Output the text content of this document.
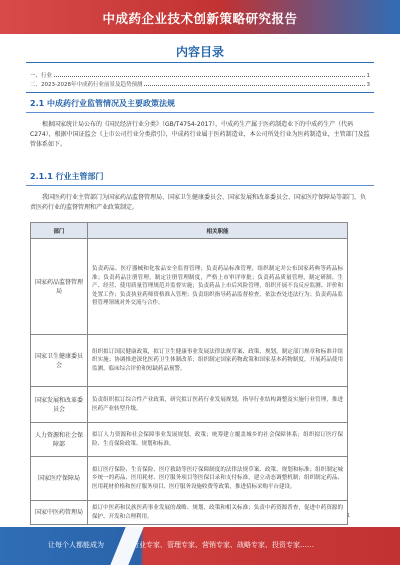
中成药企业技术创新策略研究报告
内容目录
一、行业	1
二、2023-2028年中成药行业前景及趋势预测	3
2.1 中成药行业监管情况及主要政策法规
根据国家统计局公布的《国民经济行业分类》（GB/T4754-2017），中成药生产属于医药制造业下的中成药生产（代码C274），根据中国证监会《上市公司行业分类指引》，中成药行业属于医药制造业，本公司所处行业为医药制造业，主管部门及监管体系如下。
2.1.1 行业主管部门
我国医药行业主管部门为国家药品监督管理局、国家卫生健康委员会、国家发展和改革委员会、国家医疗保障局等部门，负责医药行业的监督管理和产业政策制定。
部门	相关职能
国家药品监督管理局	负责药品、医疗器械和化妆品安全监督管理；负责药品标准管理，组织制定并公布国家药典等药品标准；负责药品注册管理，制定注册管理制度，严格上市审评审批；负责药品质量管理，制定研制、生产、经营、使用质量管理规范并监督实施；负责药品上市后风险管理，组织开展不良反应监测、评价和处置工作；负责执业药师资格准入管理；负责组织指导药品监督检查，依法查处违法行为；负责药品监督管理领域对外交流与合作。
国家卫生健康委员会	组织拟订国民健康政策，拟订卫生健康事业发展法律法规草案、政策、规划，制定部门规章和标准并组织实施；协调推进深化医药卫生体制改革；组织制定国家药物政策和国家基本药物制度，开展药品使用监测、临床综合评价和短缺药品预警。
国家发展和改革委员会	负责组织拟订综合性产业政策，研究拟订医药行业发展规划，指导行业结构调整及实施行业管理，推进医药产业转型升级。
人力资源和社会保障部	拟订人力资源和社会保障事业发展规划、政策；统筹建立覆盖城乡的社会保障体系；组织拟订医疗保险、生育保险政策、规划和标准。
国家医疗保障局	拟订医疗保险、生育保险、医疗救助等医疗保障制度的法律法规草案、政策、规划和标准；组织制定城乡统一的药品、医用耗材、医疗服务项目等医保目录和支付标准，建立动态调整机制；组织制定药品、医用耗材价格和医疗服务项目、医疗服务设施收费等政策，推进招标采购平台建设。
国家中医药管理局	拟订中医药和民族医药事业发展的战略、规划、政策和相关标准；负责中药资源普查，促进中药资源的保护、开发和合理利用。	1
让每个人都能成为	行业专家、管理专家、营销专家、战略专家、投资专家……
